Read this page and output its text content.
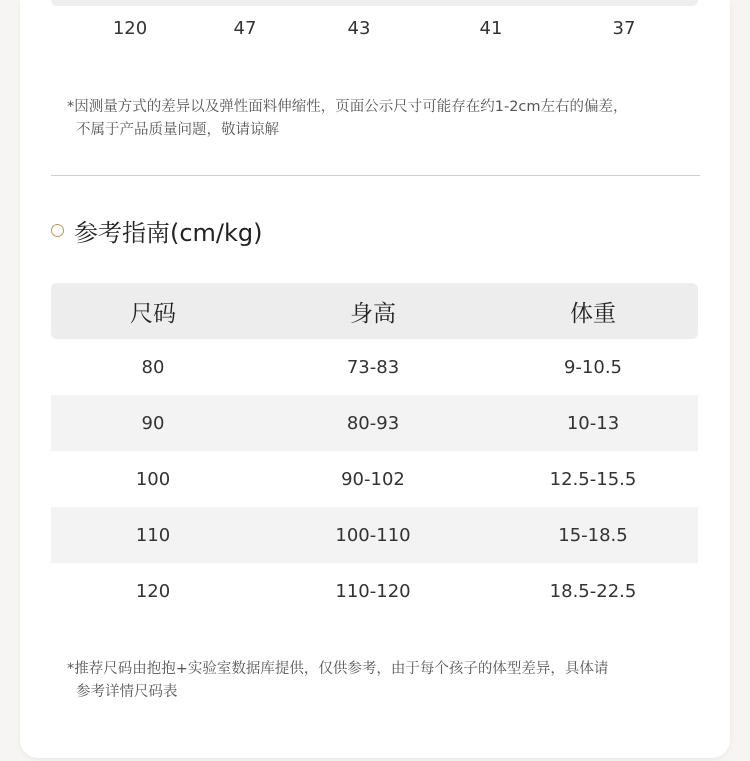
120	47	43	41	37
*因测量方式的差异以及弹性面料伸缩性，页面公示尺寸可能存在约1-2cm左右的偏差，
不属于产品质量问题，敬请谅解
参考指南(cm/kg)
尺码	身高	体重
80	73-83	9-10.5
90	80-93	10-13
100	90-102	12.5-15.5
110	100-110	15-18.5
120	110-120	18.5-22.5
*推荐尺码由抱抱+实验室数据库提供，仅供参考，由于每个孩子的体型差异，具体请
参考详情尺码表
